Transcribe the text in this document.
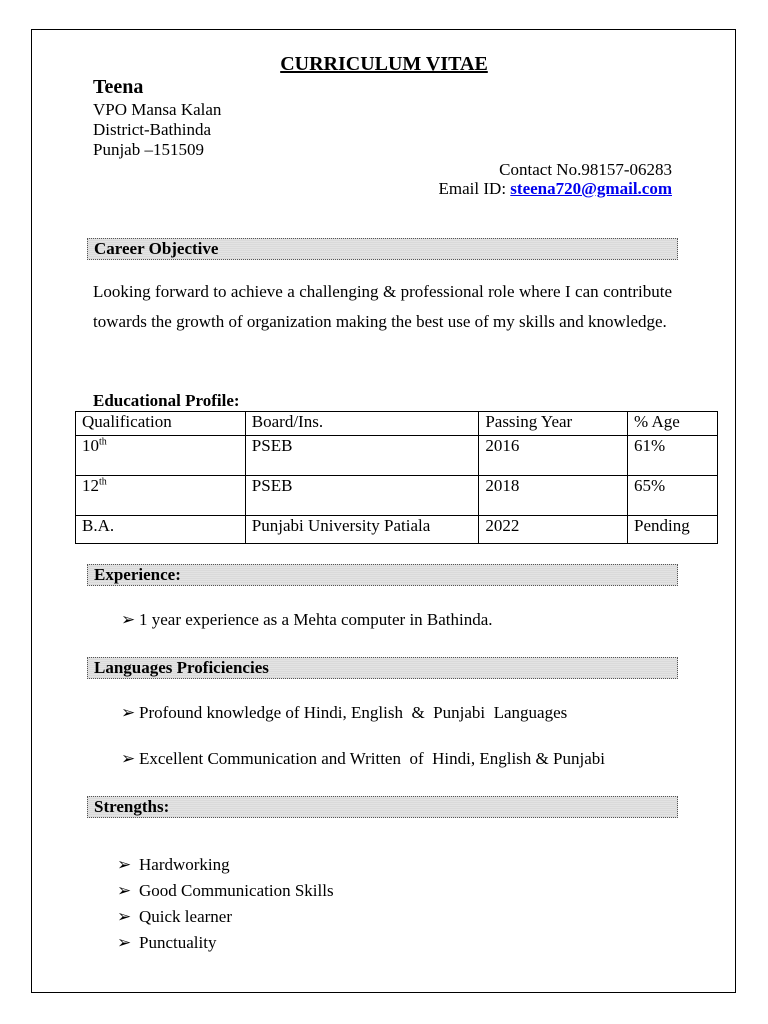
CURRICULUM VITAE
Teena
VPO Mansa Kalan
District-Bathinda
Punjab –151509
Contact No.98157-06283
Email ID: steena720@gmail.com
Career Objective
Looking forward to achieve a challenging & professional role where I can contribute towards the growth of organization making the best use of my skills and knowledge.
Educational Profile:
Qualification	Board/Ins.	Passing Year	% Age
10th	PSEB	2016	61%
12th	PSEB	2018	65%
B.A.	Punjabi University Patiala	2022	Pending
Experience:
➢ 1 year experience as a Mehta computer in Bathinda.
Languages Proficiencies
➢ Profound knowledge of Hindi, English  &  Punjabi  Languages
➢ Excellent Communication and Written  of  Hindi, English & Punjabi
Strengths:
➢ Hardworking
➢ Good Communication Skills
➢ Quick learner
➢ Punctuality
